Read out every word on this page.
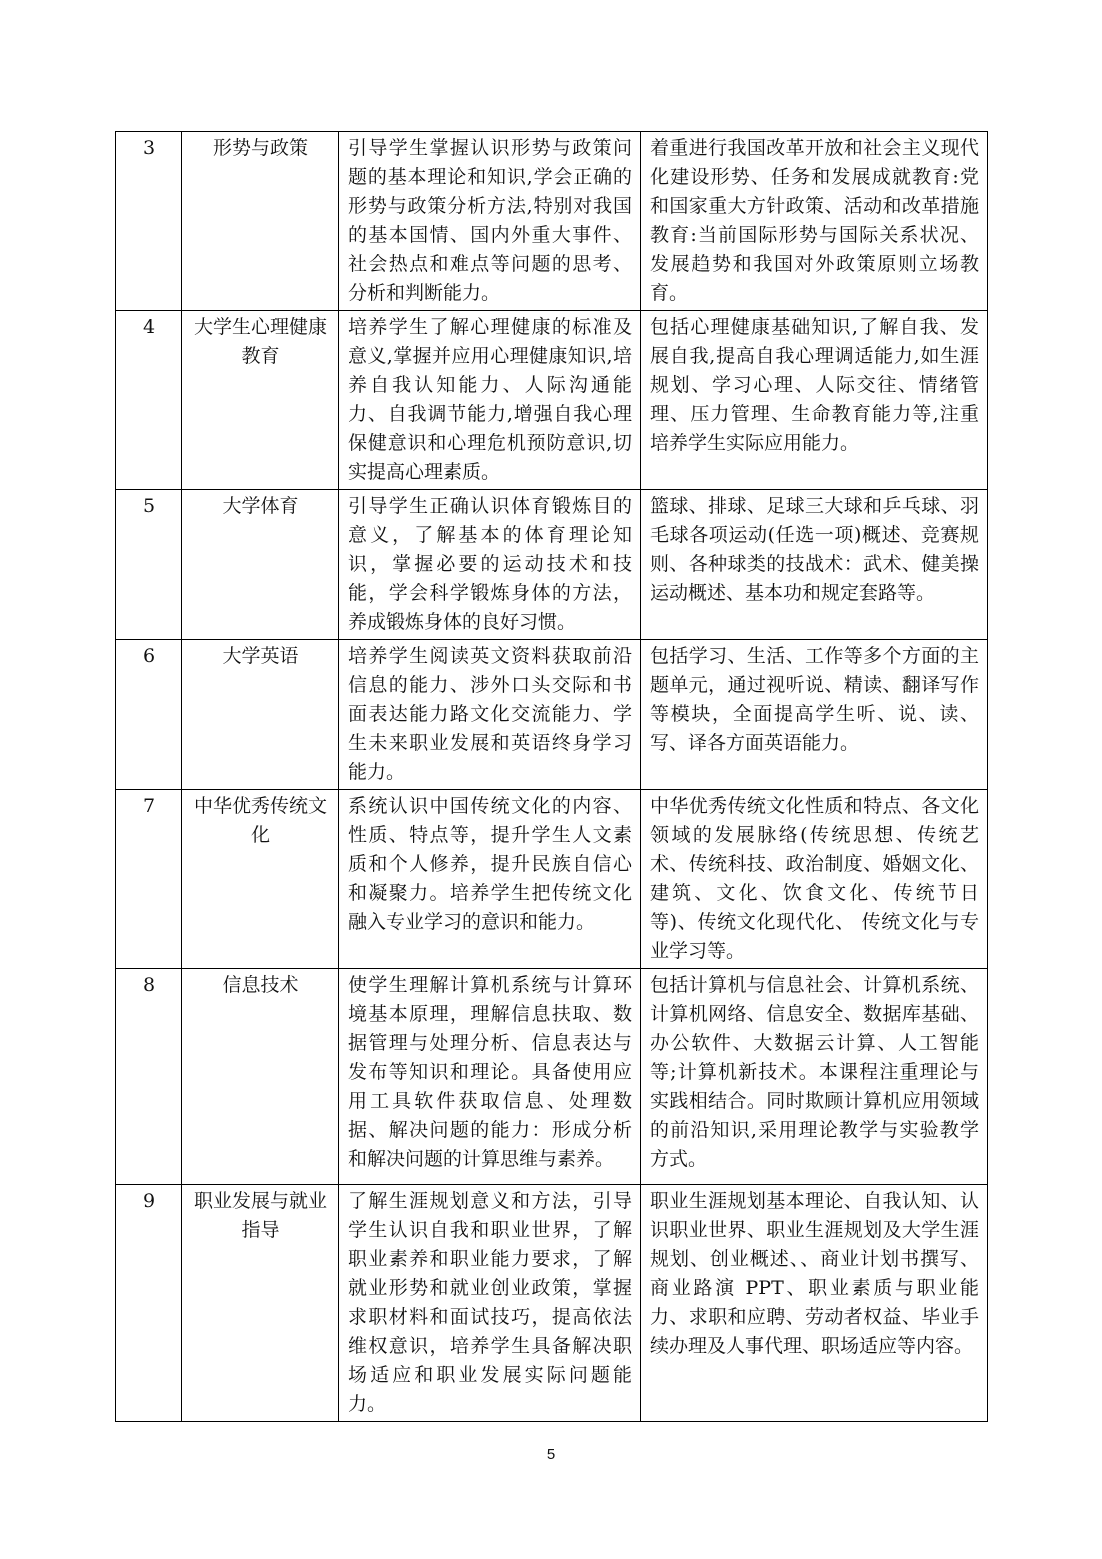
3	形势与政策	引导学生掌握认识形势与政策问题的基本理论和知识,学会正确的形势与政策分析方法,特别对我国的基本国情、国内外重大事件、社会热点和难点等问题的思考、分析和判断能力。	着重进行我国改革开放和社会主义现代化建设形势、任务和发展成就教育:党和国家重大方针政策、活动和改革措施教育:当前国际形势与国际关系状况、发展趋势和我国对外政策原则立场教育。
4	大学生心理健康教育	培养学生了解心理健康的标准及意义,掌握并应用心理健康知识,培养自我认知能力、人际沟通能力、自我调节能力,增强自我心理保健意识和心理危机预防意识,切实提高心理素质。	包括心理健康基础知识,了解自我、发展自我,提高自我心理调适能力,如生涯规划、学习心理、人际交往、情绪管理、压力管理、生命教育能力等,注重培养学生实际应用能力。
5	大学体育	引导学生正确认识体育锻炼目的意义，了解基本的体育理论知识，掌握必要的运动技术和技能，学会科学锻炼身体的方法，养成锻炼身体的良好习惯。	篮球、排球、足球三大球和乒乓球、羽毛球各项运动(任选一项)概述、竞赛规则、各种球类的技战术：武术、健美操运动概述、基本功和规定套路等。
6	大学英语	培养学生阅读英文资料获取前沿信息的能力、涉外口头交际和书面表达能力路文化交流能力、学生未来职业发展和英语终身学习能力。	包括学习、生活、工作等多个方面的主题单元，通过视听说、精读、翻译写作等模块，全面提高学生听、说、读、写、译各方面英语能力。
7	中华优秀传统文化	系统认识中国传统文化的内容、性质、特点等，提升学生人文素质和个人修养，提升民族自信心和凝聚力。培养学生把传统文化融入专业学习的意识和能力。	中华优秀传统文化性质和特点、各文化领域的发展脉络(传统思想、传统艺术、传统科技、政治制度、婚姻文化、建筑、文化、饮食文化、传统节日等)、传统文化现代化、 传统文化与专业学习等。
8	信息技术	使学生理解计算机系统与计算环境基本原理，理解信息扶取、数据管理与处理分析、信息表达与发布等知识和理论。具备使用应用工具软件获取信息、处理数据、解决问题的能力：形成分析和解决问题的计算思维与素养。	包括计算机与信息社会、计算机系统、计算机网络、信息安全、数据库基础、办公软件、大数据云计算、人工智能等;计算机新技术。本课程注重理论与实践相结合。同时欺顾计算机应用领域的前沿知识,采用理论教学与实验教学方式。
9	职业发展与就业指导	了解生涯规划意义和方法，引导学生认识自我和职业世界，了解职业素养和职业能力要求，了解就业形势和就业创业政策，掌握求职材料和面试技巧，提高依法维权意识，培养学生具备解决职场适应和职业发展实际问题能力。	职业生涯规划基本理论、自我认知、认识职业世界、职业生涯规划及大学生涯规划、创业概述、、商业计划书撰写、商业路演 PPT、职业素质与职业能力、求职和应聘、劳动者权益、毕业手续办理及人事代理、职场适应等内容。
5
